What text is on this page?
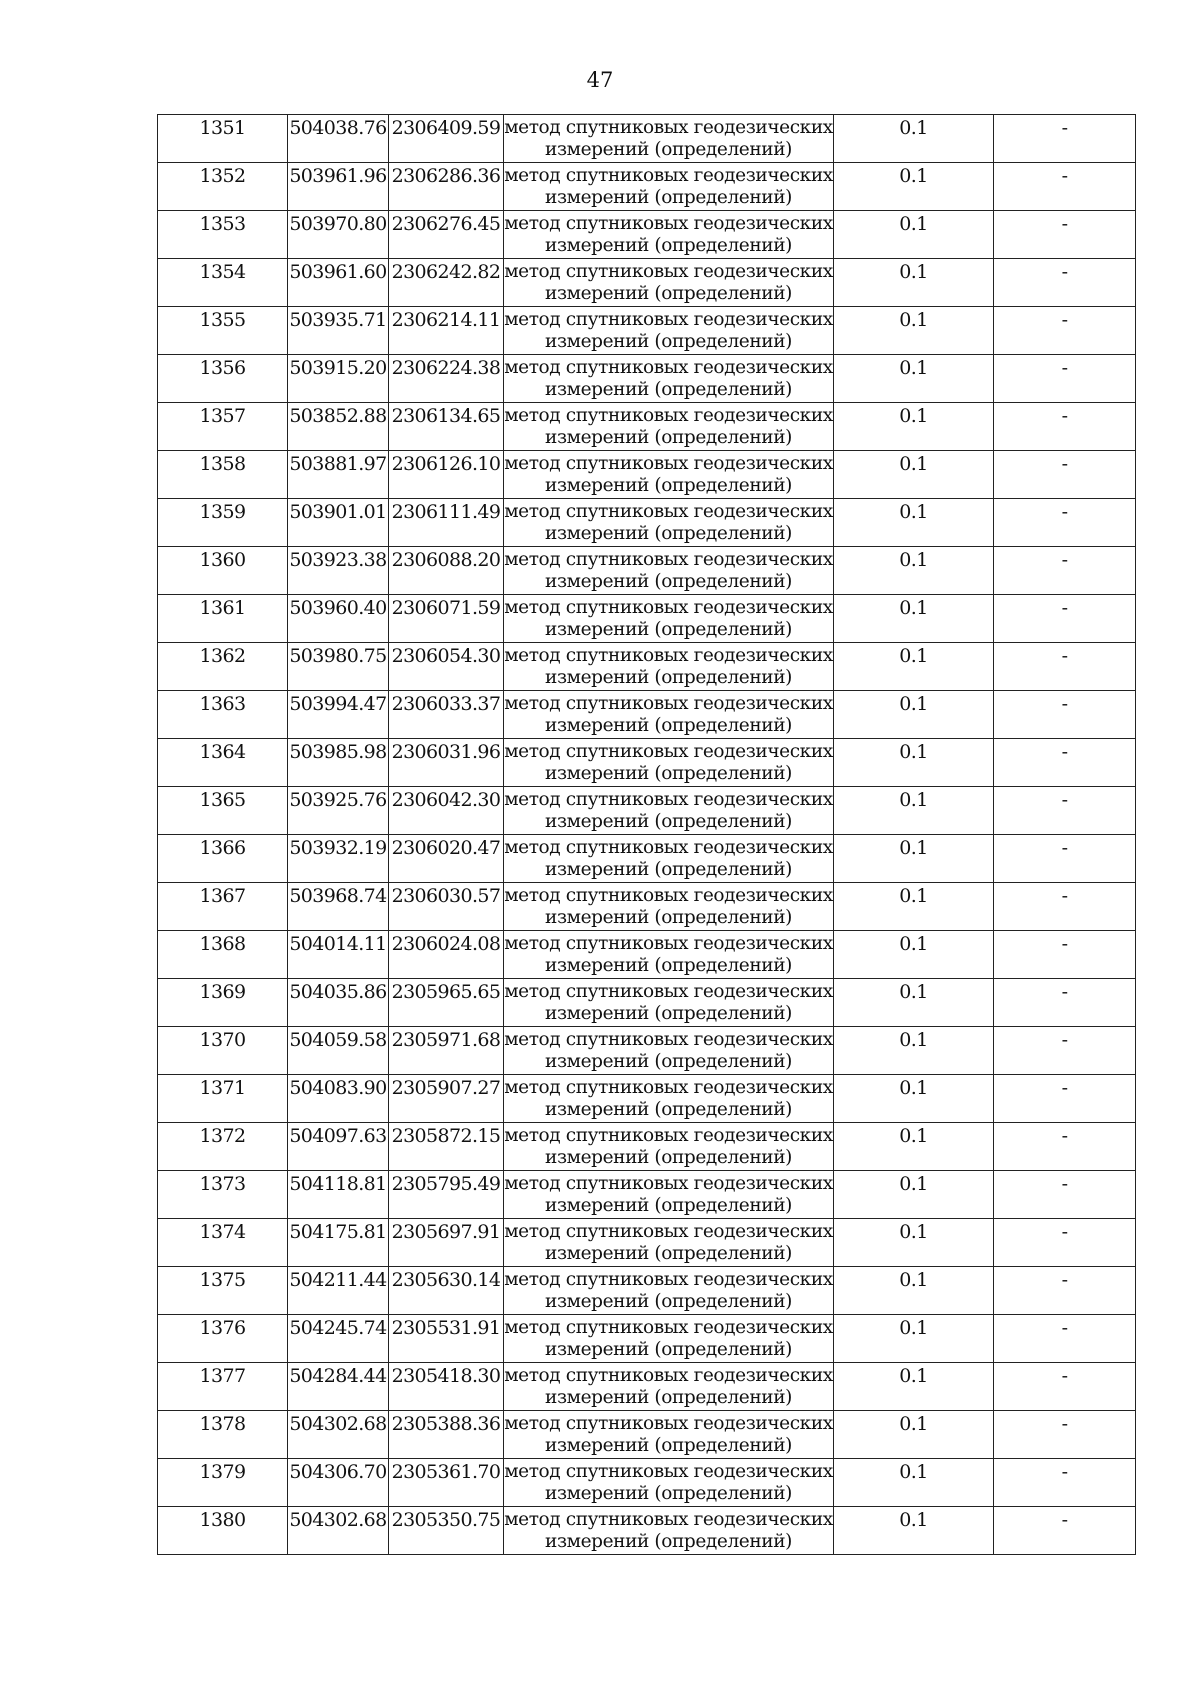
47
1351	504038.76	2306409.59	метод спутниковых геодезических
измерений (определений)	0.1	-
1352	503961.96	2306286.36	метод спутниковых геодезических
измерений (определений)	0.1	-
1353	503970.80	2306276.45	метод спутниковых геодезических
измерений (определений)	0.1	-
1354	503961.60	2306242.82	метод спутниковых геодезических
измерений (определений)	0.1	-
1355	503935.71	2306214.11	метод спутниковых геодезических
измерений (определений)	0.1	-
1356	503915.20	2306224.38	метод спутниковых геодезических
измерений (определений)	0.1	-
1357	503852.88	2306134.65	метод спутниковых геодезических
измерений (определений)	0.1	-
1358	503881.97	2306126.10	метод спутниковых геодезических
измерений (определений)	0.1	-
1359	503901.01	2306111.49	метод спутниковых геодезических
измерений (определений)	0.1	-
1360	503923.38	2306088.20	метод спутниковых геодезических
измерений (определений)	0.1	-
1361	503960.40	2306071.59	метод спутниковых геодезических
измерений (определений)	0.1	-
1362	503980.75	2306054.30	метод спутниковых геодезических
измерений (определений)	0.1	-
1363	503994.47	2306033.37	метод спутниковых геодезических
измерений (определений)	0.1	-
1364	503985.98	2306031.96	метод спутниковых геодезических
измерений (определений)	0.1	-
1365	503925.76	2306042.30	метод спутниковых геодезических
измерений (определений)	0.1	-
1366	503932.19	2306020.47	метод спутниковых геодезических
измерений (определений)	0.1	-
1367	503968.74	2306030.57	метод спутниковых геодезических
измерений (определений)	0.1	-
1368	504014.11	2306024.08	метод спутниковых геодезических
измерений (определений)	0.1	-
1369	504035.86	2305965.65	метод спутниковых геодезических
измерений (определений)	0.1	-
1370	504059.58	2305971.68	метод спутниковых геодезических
измерений (определений)	0.1	-
1371	504083.90	2305907.27	метод спутниковых геодезических
измерений (определений)	0.1	-
1372	504097.63	2305872.15	метод спутниковых геодезических
измерений (определений)	0.1	-
1373	504118.81	2305795.49	метод спутниковых геодезических
измерений (определений)	0.1	-
1374	504175.81	2305697.91	метод спутниковых геодезических
измерений (определений)	0.1	-
1375	504211.44	2305630.14	метод спутниковых геодезических
измерений (определений)	0.1	-
1376	504245.74	2305531.91	метод спутниковых геодезических
измерений (определений)	0.1	-
1377	504284.44	2305418.30	метод спутниковых геодезических
измерений (определений)	0.1	-
1378	504302.68	2305388.36	метод спутниковых геодезических
измерений (определений)	0.1	-
1379	504306.70	2305361.70	метод спутниковых геодезических
измерений (определений)	0.1	-
1380	504302.68	2305350.75	метод спутниковых геодезических
измерений (определений)	0.1	-
